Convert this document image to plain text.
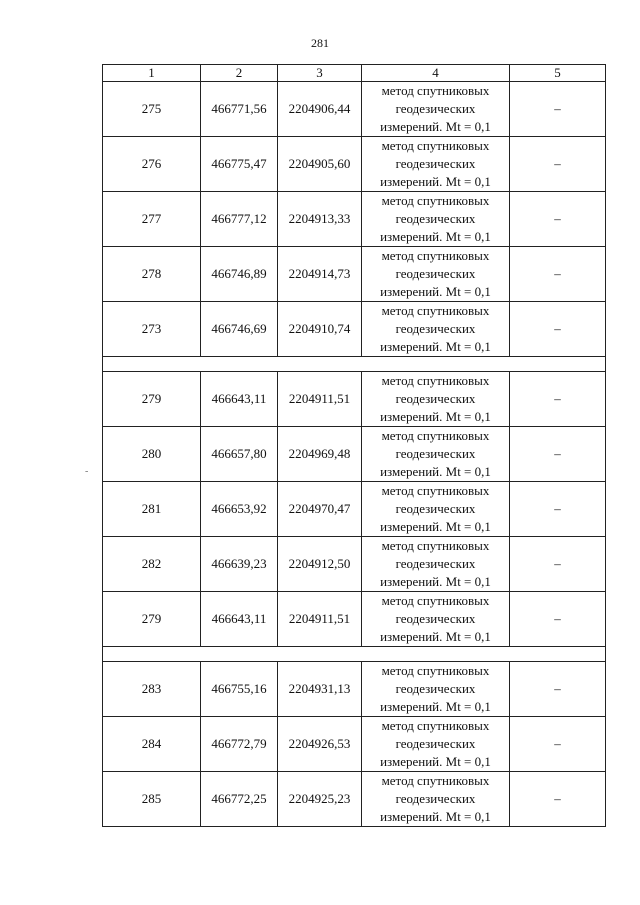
281
-
1	2	3	4	5
275	466771,56	2204906,44	метод спутниковых
геодезических
измерений. Mt = 0,1	–
276	466775,47	2204905,60	метод спутниковых
геодезических
измерений. Mt = 0,1	–
277	466777,12	2204913,33	метод спутниковых
геодезических
измерений. Mt = 0,1	–
278	466746,89	2204914,73	метод спутниковых
геодезических
измерений. Mt = 0,1	–
273	466746,69	2204910,74	метод спутниковых
геодезических
измерений. Mt = 0,1	–

279	466643,11	2204911,51	метод спутниковых
геодезических
измерений. Mt = 0,1	–
280	466657,80	2204969,48	метод спутниковых
геодезических
измерений. Mt = 0,1	–
281	466653,92	2204970,47	метод спутниковых
геодезических
измерений. Mt = 0,1	–
282	466639,23	2204912,50	метод спутниковых
геодезических
измерений. Mt = 0,1	–
279	466643,11	2204911,51	метод спутниковых
геодезических
измерений. Mt = 0,1	–

283	466755,16	2204931,13	метод спутниковых
геодезических
измерений. Mt = 0,1	–
284	466772,79	2204926,53	метод спутниковых
геодезических
измерений. Mt = 0,1	–
285	466772,25	2204925,23	метод спутниковых
геодезических
измерений. Mt = 0,1	–
